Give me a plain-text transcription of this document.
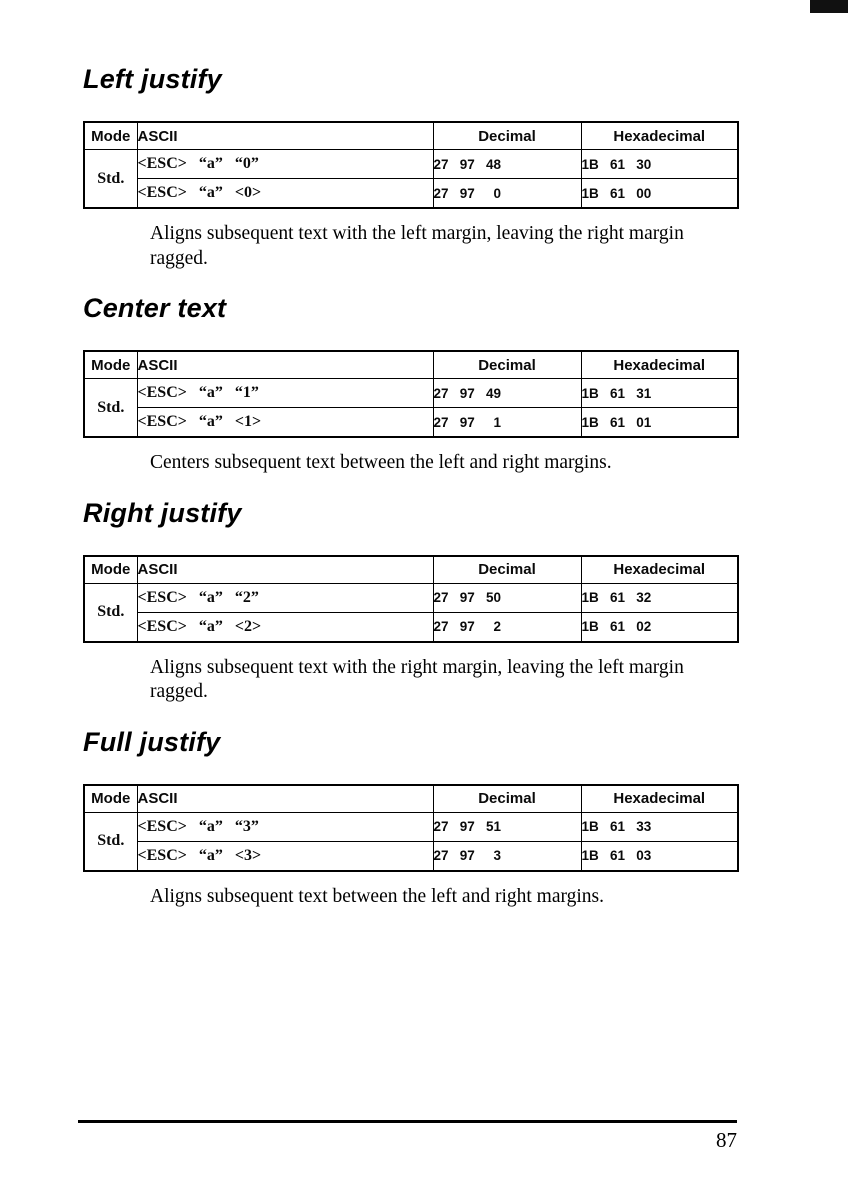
Left justify
Mode	ASCII	Decimal	Hexadecimal
Std.	<ESC>   “a”   “0”	27   97   48	1B   61   30
	<ESC>   “a”   <0>	27   97     0	1B   61   00
Aligns subsequent text with the left margin, leaving the right margin
ragged.
Center text
Mode	ASCII	Decimal	Hexadecimal
Std.	<ESC>   “a”   “1”	27   97   49	1B   61   31
	<ESC>   “a”   <1>	27   97     1	1B   61   01
Centers subsequent text between the left and right margins.
Right justify
Mode	ASCII	Decimal	Hexadecimal
Std.	<ESC>   “a”   “2”	27   97   50	1B   61   32
	<ESC>   “a”   <2>	27   97     2	1B   61   02
Aligns subsequent text with the right margin, leaving the left margin
ragged.
Full justify
Mode	ASCII	Decimal	Hexadecimal
Std.	<ESC>   “a”   “3”	27   97   51	1B   61   33
	<ESC>   “a”   <3>	27   97     3	1B   61   03
Aligns subsequent text between the left and right margins.
87
